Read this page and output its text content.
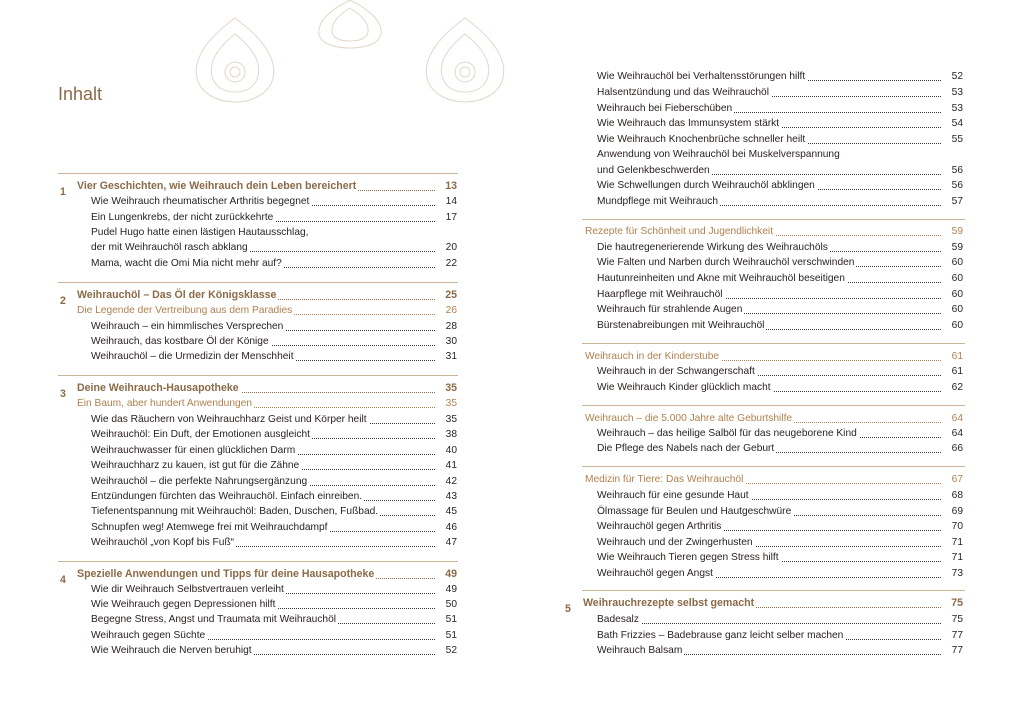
Inhalt
1 Vier Geschichten, wie Weihrauch dein Leben bereichert	13
Wie Weihrauch rheumatischer Arthritis begegnet	14
Ein Lungenkrebs, der nicht zurückkehrte	17
Pudel Hugo hatte einen lästigen Hautausschlag,
der mit Weihrauchöl rasch abklang	20
Mama, wacht die Omi Mia nicht mehr auf?	22
2 Weihrauchöl – Das Öl der Königsklasse	25
Die Legende der Vertreibung aus dem Paradies	26
Weihrauch – ein himmlisches Versprechen	28
Weihrauch, das kostbare Öl der Könige	30
Weihrauchöl – die Urmedizin der Menschheit	31
3 Deine Weihrauch-Hausapotheke	35
Ein Baum, aber hundert Anwendungen	35
Wie das Räuchern von Weihrauchharz Geist und Körper heilt	35
Weihrauchöl: Ein Duft, der Emotionen ausgleicht	38
Weihrauchwasser für einen glücklichen Darm	40
Weihrauchharz zu kauen, ist gut für die Zähne	41
Weihrauchöl – die perfekte Nahrungsergänzung	42
Entzündungen fürchten das Weihrauchöl. Einfach einreiben.	43
Tiefenentspannung mit Weihrauchöl: Baden, Duschen, Fußbad.	45
Schnupfen weg! Atemwege frei mit Weihrauchdampf	46
Weihrauchöl „von Kopf bis Fuß“	47
4 Spezielle Anwendungen und Tipps für deine Hausapotheke	49
Wie dir Weihrauch Selbstvertrauen verleiht	49
Wie Weihrauch gegen Depressionen hilft	50
Begegne Stress, Angst und Traumata mit Weihrauchöl	51
Weihrauch gegen Süchte	51
Wie Weihrauch die Nerven beruhigt	52
Wie Weihrauchöl bei Verhaltensstörungen hilft	52
Halsentzündung und das Weihrauchöl	53
Weihrauch bei Fieberschüben	53
Wie Weihrauch das Immunsystem stärkt	54
Wie Weihrauch Knochenbrüche schneller heilt	55
Anwendung von Weihrauchöl bei Muskelverspannung
und Gelenkbeschwerden	56
Wie Schwellungen durch Weihrauchöl abklingen	56
Mundpflege mit Weihrauch	57
Rezepte für Schönheit und Jugendlichkeit	59
Die hautregenerierende Wirkung des Weihrauchöls	59
Wie Falten und Narben durch Weihrauchöl verschwinden	60
Hautunreinheiten und Akne mit Weihrauchöl beseitigen	60
Haarpflege mit Weihrauchöl	60
Weihrauch für strahlende Augen	60
Bürstenabreibungen mit Weihrauchöl	60
Weihrauch in der Kinderstube	61
Weihrauch in der Schwangerschaft	61
Wie Weihrauch Kinder glücklich macht	62
Weihrauch – die 5.000 Jahre alte Geburtshilfe	64
Weihrauch – das heilige Salböl für das neugeborene Kind	64
Die Pflege des Nabels nach der Geburt	66
Medizin für Tiere: Das Weihrauchöl	67
Weihrauch für eine gesunde Haut	68
Ölmassage für Beulen und Hautgeschwüre	69
Weihrauchöl gegen Arthritis	70
Weihrauch und der Zwingerhusten	71
Wie Weihrauch Tieren gegen Stress hilft	71
Weihrauchöl gegen Angst	73
5 Weihrauchrezepte selbst gemacht	75
Badesalz	75
Bath Frizzies – Badebrause ganz leicht selber machen	77
Weihrauch Balsam	77
